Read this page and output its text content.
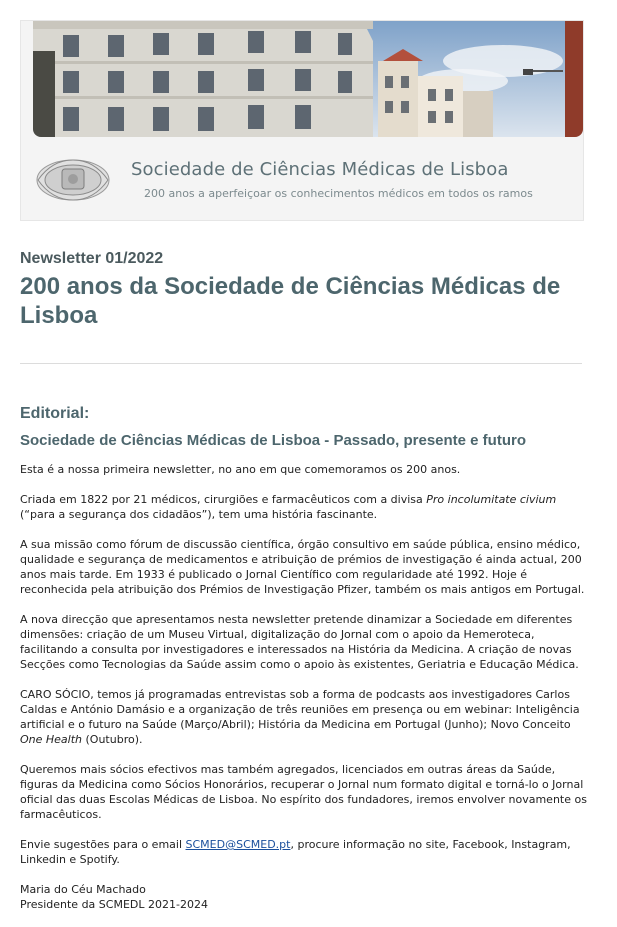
Sociedade de Ciências Médicas de Lisboa
200 anos a aperfeiçoar os conhecimentos médicos em todos os ramos
Newsletter 01/2022
200 anos da Sociedade de Ciências Médicas de Lisboa
Editorial:
Sociedade de Ciências Médicas de Lisboa - Passado, presente e futuro

Esta é a nossa primeira newsletter, no ano em que comemoramos os 200 anos.

Criada em 1822 por 21 médicos, cirurgiões e farmacêuticos com a divisa Pro incolumitate civium (“para a segurança dos cidadãos”), tem uma história fascinante.

A sua missão como fórum de discussão científica, órgão consultivo em saúde pública, ensino médico, qualidade e segurança de medicamentos e atribuição de prémios de investigação é ainda actual, 200 anos mais tarde. Em 1933 é publicado o Jornal Científico com regularidade até 1992. Hoje é reconhecida pela atribuição dos Prémios de Investigação Pfizer, também os mais antigos em Portugal.

A nova direcção que apresentamos nesta newsletter pretende dinamizar a Sociedade em diferentes dimensões: criação de um Museu Virtual, digitalização do Jornal com o apoio da Hemeroteca, facilitando a consulta por investigadores e interessados na História da Medicina. A criação de novas Secções como Tecnologias da Saúde assim como o apoio às existentes, Geriatria e Educação Médica.

CARO SÓCIO, temos já programadas entrevistas sob a forma de podcasts aos investigadores Carlos Caldas e António Damásio e a organização de três reuniões em presença ou em webinar: Inteligência artificial e o futuro na Saúde (Março/Abril); História da Medicina em Portugal (Junho); Novo Conceito One Health (Outubro).

Queremos mais sócios efectivos mas também agregados, licenciados em outras áreas da Saúde, figuras da Medicina como Sócios Honorários, recuperar o Jornal num formato digital e torná-lo o Jornal oficial das duas Escolas Médicas de Lisboa. No espírito dos fundadores, iremos envolver novamente os farmacêuticos.

Envie sugestões para o email SCMED@SCMED.pt, procure informação no site, Facebook, Instagram, Linkedin e Spotify.

Maria do Céu Machado
Presidente da SCMEDL 2021-2024
